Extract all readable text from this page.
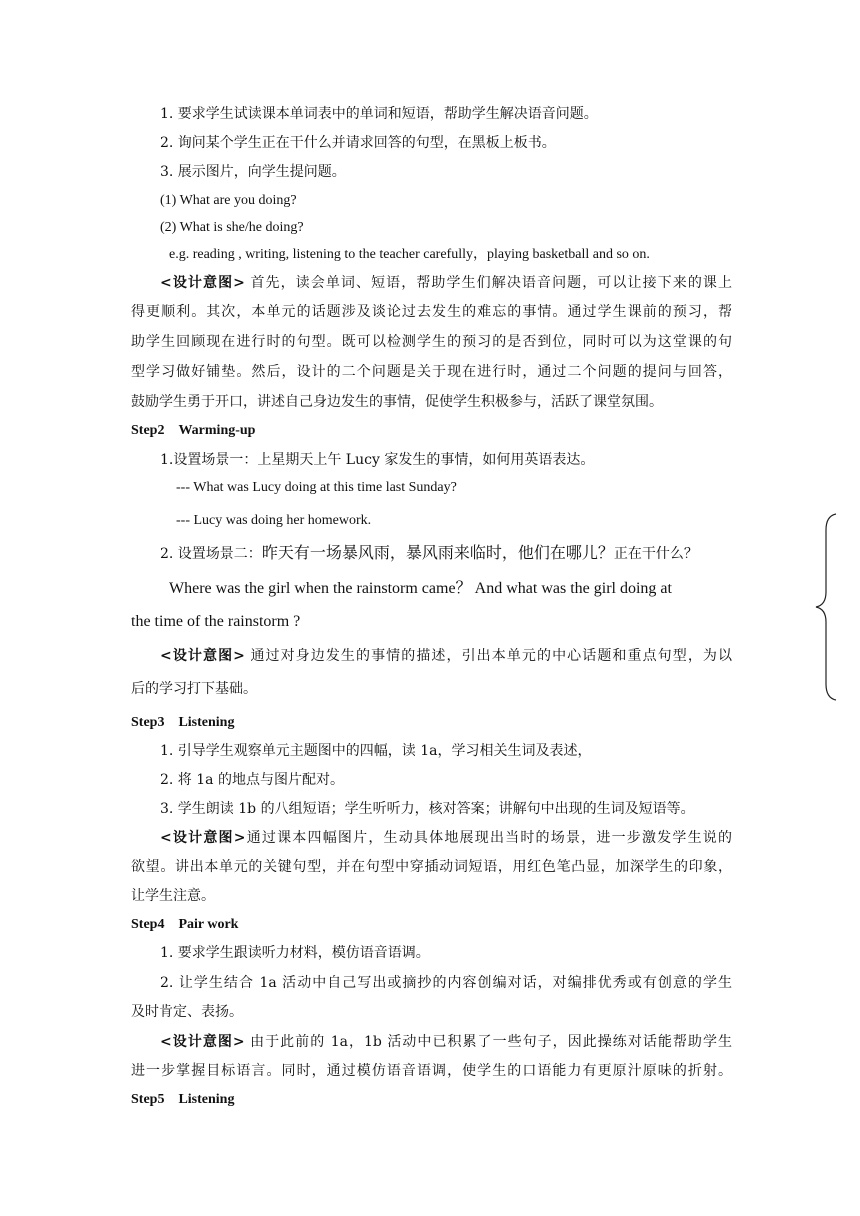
1. 要求学生试读课本单词表中的单词和短语，帮助学生解决语音问题。
2. 询问某个学生正在干什么并请求回答的句型，在黑板上板书。
3. 展示图片，向学生提问题。
(1) What are you doing?
(2) What is she/he doing?
e.g. reading , writing, listening to the teacher carefully，playing basketball and so on.
<设计意图> 首先，读会单词、短语，帮助学生们解决语音问题，可以让接下来的课上
得更顺利。其次，本单元的话题涉及谈论过去发生的难忘的事情。通过学生课前的预习，帮
助学生回顾现在进行时的句型。既可以检测学生的预习的是否到位，同时可以为这堂课的句
型学习做好铺垫。然后，设计的二个问题是关于现在进行时，通过二个问题的提问与回答，
鼓励学生勇于开口，讲述自己身边发生的事情，促使学生积极参与，活跃了课堂氛围。
Step2 Warming-up
1.设置场景一：上星期天上午 Lucy 家发生的事情，如何用英语表达。
--- What was Lucy doing at this time last Sunday?
--- Lucy was doing her homework.
2. 设置场景二：昨天有一场暴风雨，暴风雨来临时，他们在哪儿？正在干什么？
Where was the girl when the rainstorm came？ And what was the girl doing at
the time of the rainstorm ?
<设计意图> 通过对身边发生的事情的描述，引出本单元的中心话题和重点句型，为以
后的学习打下基础。
Step3 Listening
1. 引导学生观察单元主题图中的四幅，读 1a，学习相关生词及表述，
2. 将 1a 的地点与图片配对。
3. 学生朗读 1b 的八组短语；学生听听力，核对答案；讲解句中出现的生词及短语等。
<设计意图>通过课本四幅图片，生动具体地展现出当时的场景，进一步激发学生说的
欲望。讲出本单元的关键句型，并在句型中穿插动词短语，用红色笔凸显，加深学生的印象，
让学生注意。
Step4 Pair work
1. 要求学生跟读听力材料，模仿语音语调。
2. 让学生结合 1a 活动中自己写出或摘抄的内容创编对话，对编排优秀或有创意的学生
及时肯定、表扬。
<设计意图> 由于此前的 1a，1b 活动中已积累了一些句子，因此操练对话能帮助学生
进一步掌握目标语言。同时，通过模仿语音语调，使学生的口语能力有更原汁原味的折射。
Step5 Listening
